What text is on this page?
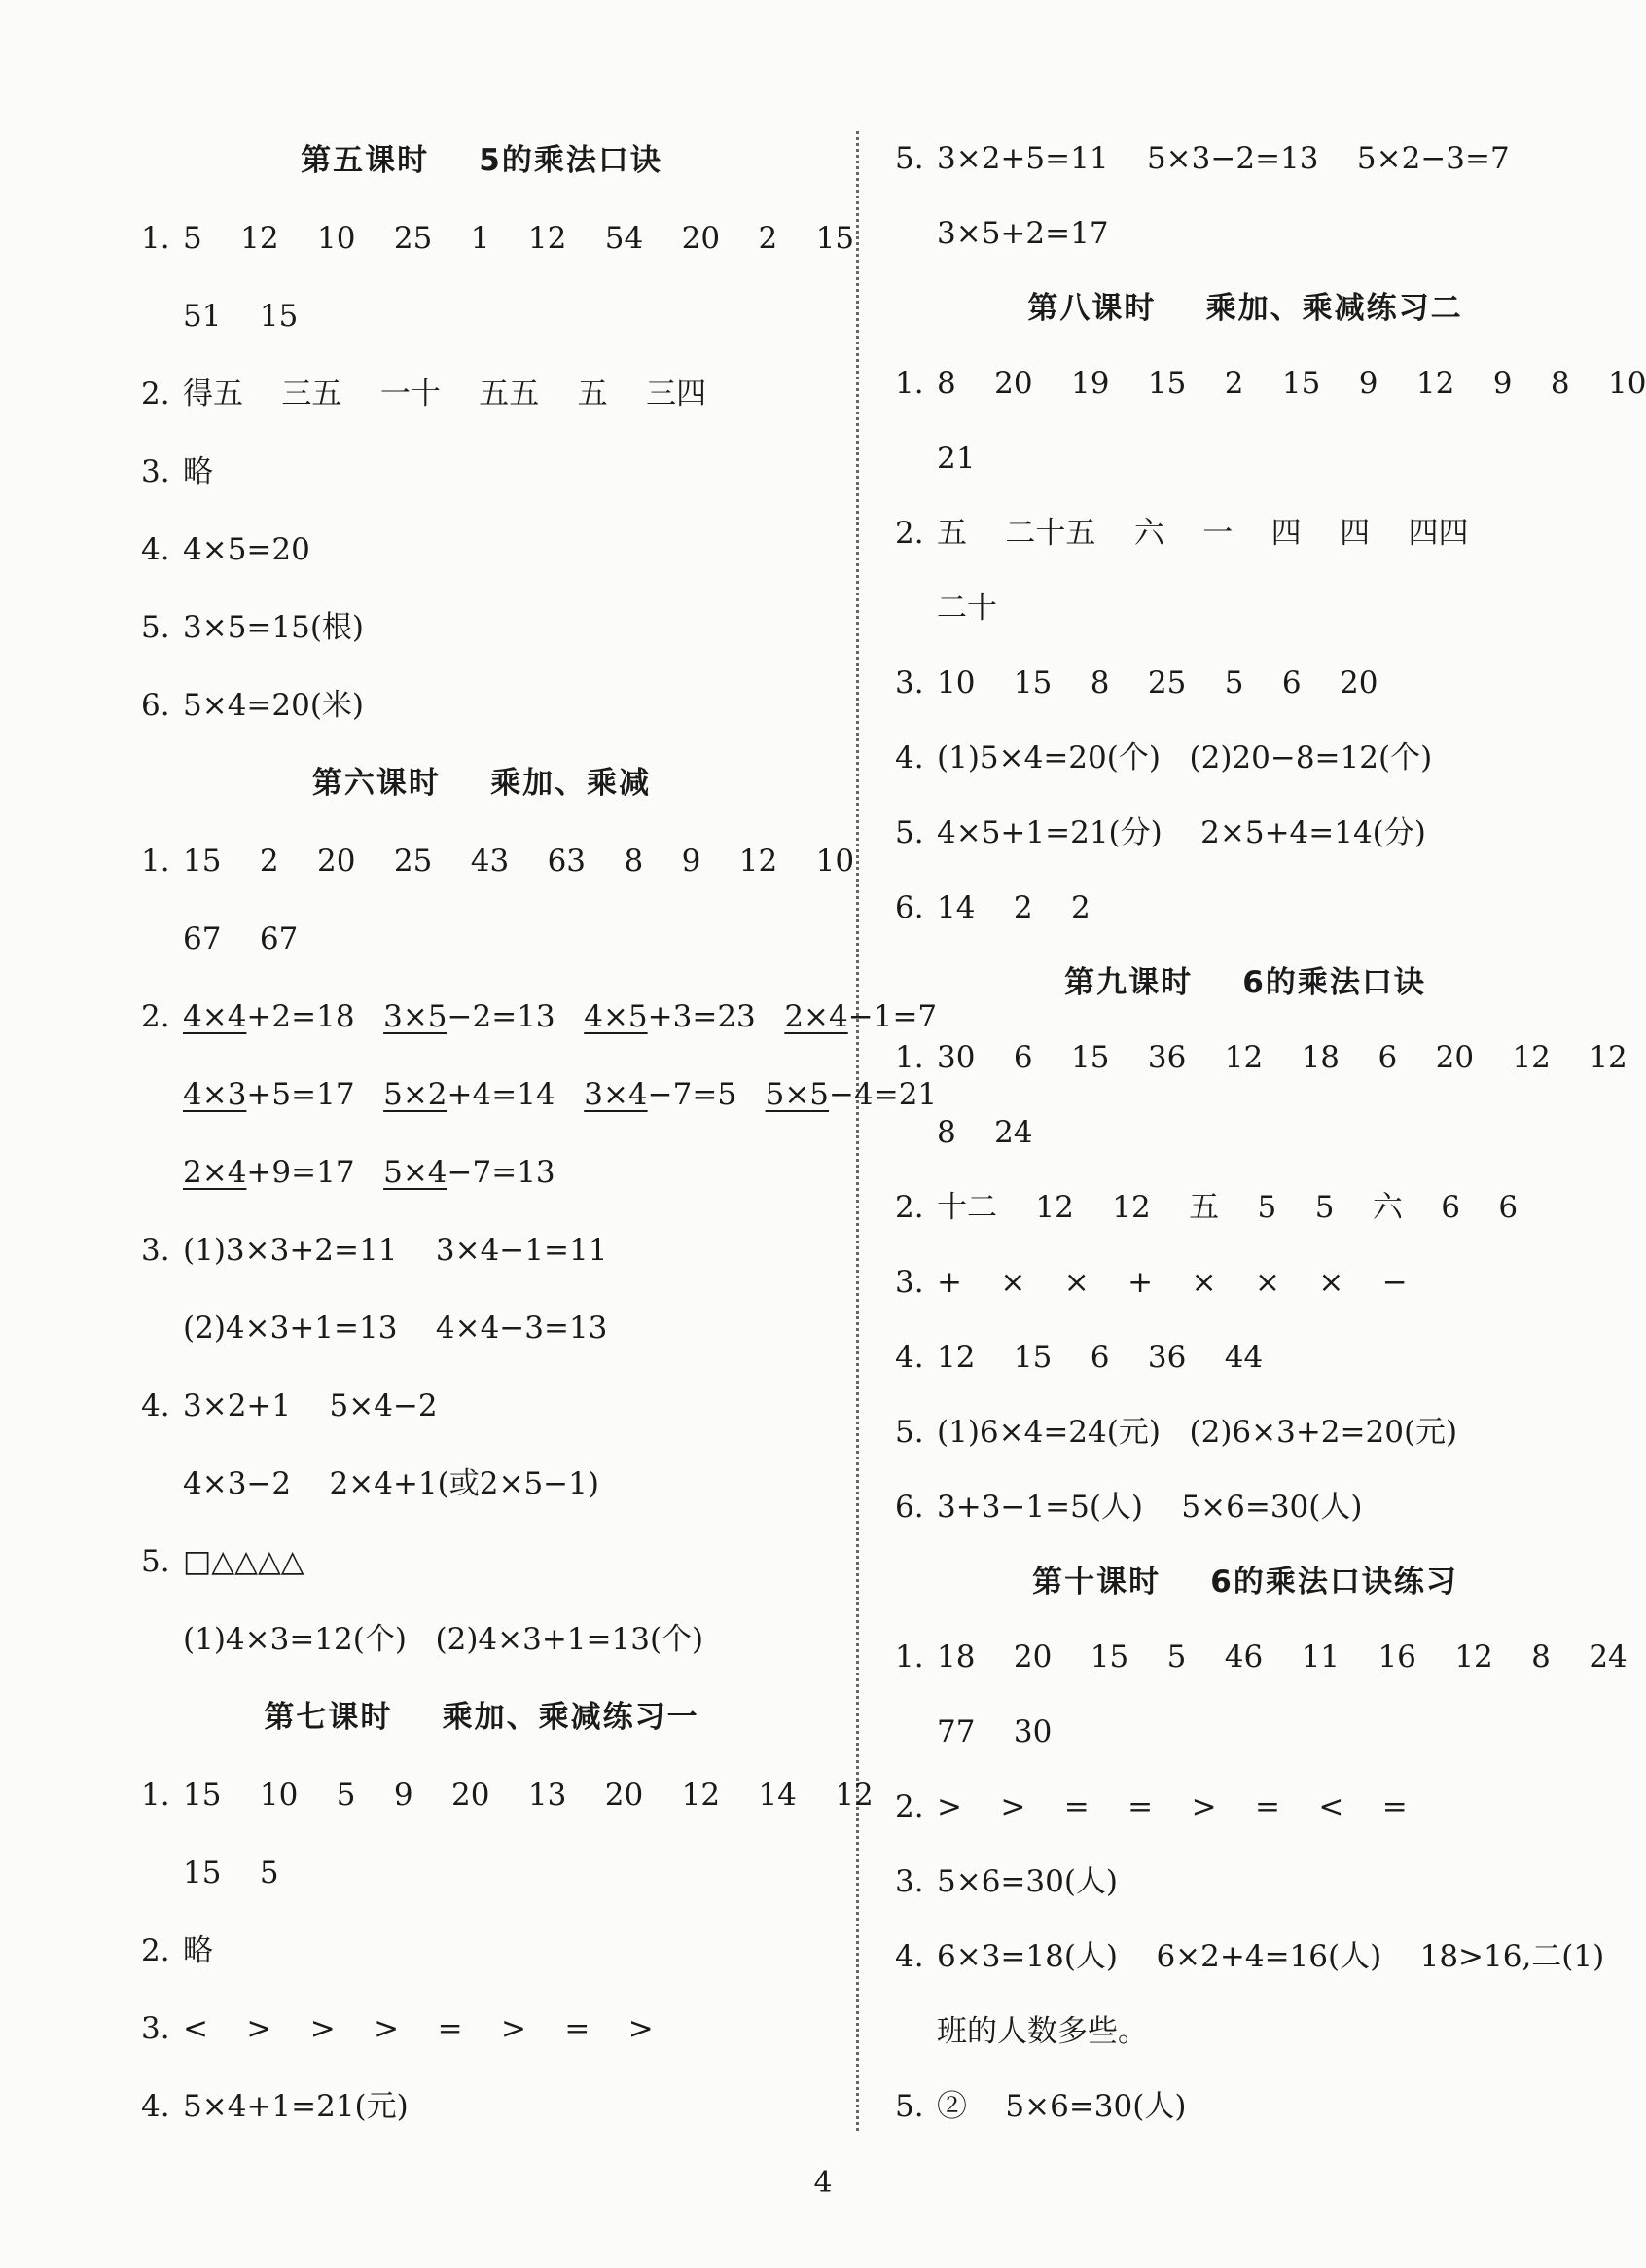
第五课时    5的乘法口诀
1. 5    12    10    25    1    12    54    20    2    15
51    15
2. 得五    三五    一十    五五    五    三四
3. 略
4. 4×5=20
5. 3×5=15(根)
6. 5×4=20(米)
第六课时    乘加、乘减
1. 15    2    20    25    43    63    8    9    12    10
67    67
2. 4×4+2=18 3×5−2=13 4×5+3=23 2×4−1=7
4×3+5=17 5×2+4=14 3×4−7=5 5×5−4=21
2×4+9=17 5×4−7=13
3. (1)3×3+2=11    3×4−1=11
(2)4×3+1=13    4×4−3=13
4. 3×2+1    5×4−2
4×3−2    2×4+1(或2×5−1)
5. □△△△△
(1)4×3=12(个)   (2)4×3+1=13(个)
第七课时    乘加、乘减练习一
1. 15    10    5    9    20    13    20    12    14    12
15    5
2. 略
3. <    >    >    >    =    >    =    >
4. 5×4+1=21(元)
5. 3×2+5=11    5×3−2=13    5×2−3=7
3×5+2=17
第八课时    乘加、乘减练习二
1. 8    20    19    15    2    15    9    12    9    8    10
21
2. 五    二十五    六    一    四    四    四四
二十
3. 10    15    8    25    5    6    20
4. (1)5×4=20(个)   (2)20−8=12(个)
5. 4×5+1=21(分)    2×5+4=14(分)
6. 14    2    2
第九课时    6的乘法口诀
1. 30    6    15    36    12    18    6    20    12    12
8    24
2. 十二    12    12    五    5    5    六    6    6
3. +    ×    ×    +    ×    ×    ×    −
4. 12    15    6    36    44
5. (1)6×4=24(元)   (2)6×3+2=20(元)
6. 3+3−1=5(人)    5×6=30(人)
第十课时    6的乘法口诀练习
1. 18    20    15    5    46    11    16    12    8    24
77    30
2. >    >    =    =    >    =    <    =
3. 5×6=30(人)
4. 6×3=18(人)    6×2+4=16(人)    18>16,二(1)
班的人数多些。
5. ②    5×6=30(人)
4
